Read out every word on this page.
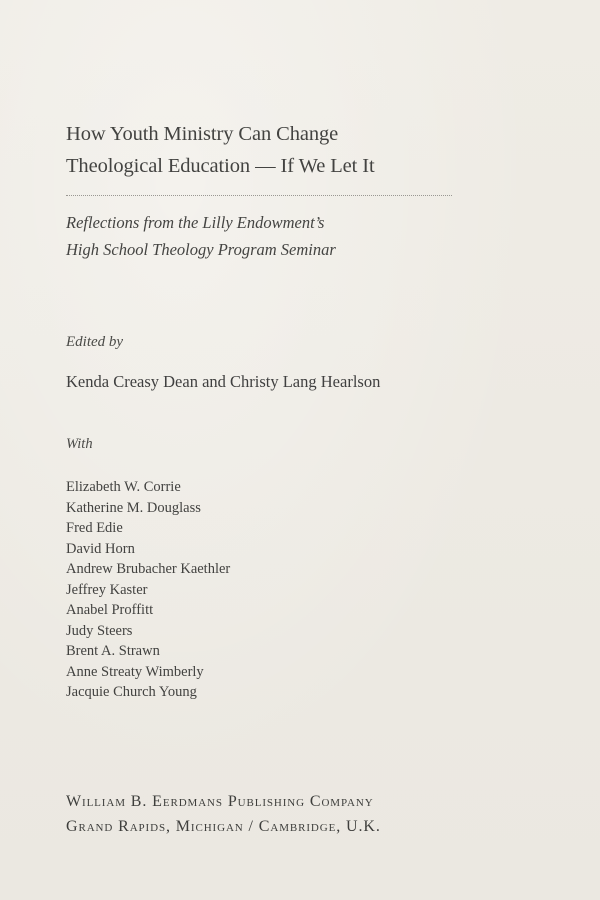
How Youth Ministry Can Change
Theological Education — If We Let It
Reflections from the Lilly Endowment’s
High School Theology Program Seminar
Edited by
Kenda Creasy Dean and Christy Lang Hearlson
With
Elizabeth W. Corrie
Katherine M. Douglass
Fred Edie
David Horn
Andrew Brubacher Kaethler
Jeffrey Kaster
Anabel Proffitt
Judy Steers
Brent A. Strawn
Anne Streaty Wimberly
Jacquie Church Young
William B. Eerdmans Publishing Company
Grand Rapids, Michigan / Cambridge, U.K.
